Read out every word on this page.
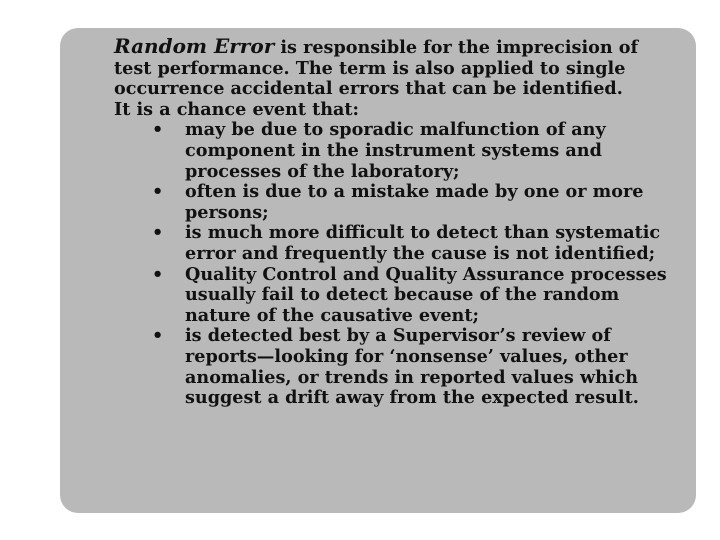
Random Error is responsible for the imprecision of test performance. The term is also applied to single occurrence accidental errors that can be identified.

It is a chance event that:

•	may be due to sporadic malfunction of any component in the instrument systems and processes of the laboratory;
•	often is due to a mistake made by one or more persons;
•	is much more difficult to detect than systematic error and frequently the cause is not identified;
•	Quality Control and Quality Assurance processes usually fail to detect because of the random nature of the causative event;
•	is detected best by a Supervisor’s review of reports—looking for ‘nonsense’ values, other anomalies, or trends in reported values which suggest a drift away from the expected result.
